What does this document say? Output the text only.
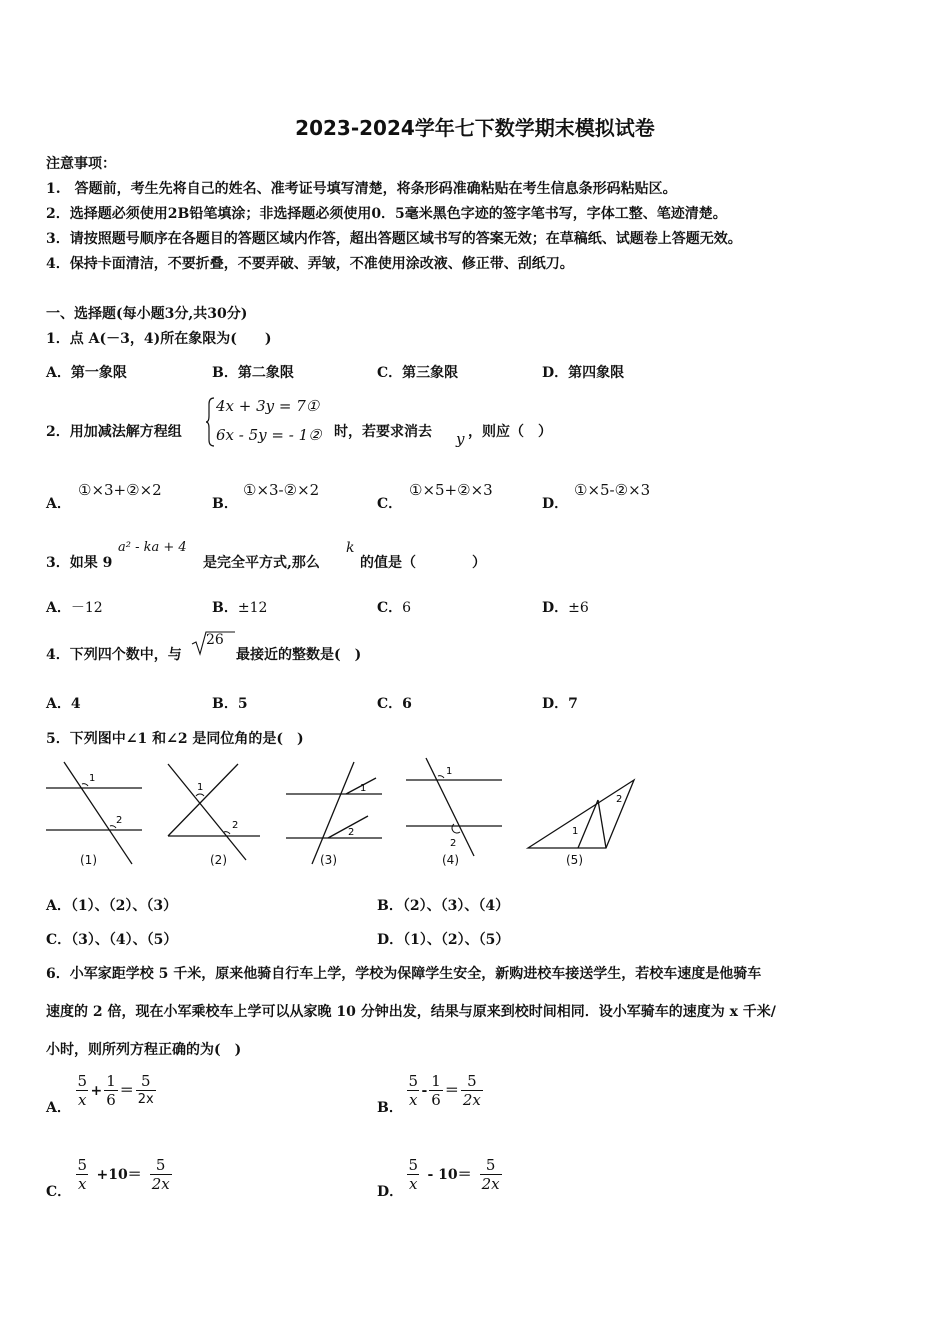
2023-2024学年七下数学期末模拟试卷
注意事项：
1.　答题前，考生先将自己的姓名、准考证号填写清楚，将条形码准确粘贴在考生信息条形码粘贴区。
2．选择题必须使用2B铅笔填涂；非选择题必须使用0．5毫米黑色字迹的签字笔书写，字体工整、笔迹清楚。
3．请按照题号顺序在各题目的答题区域内作答，超出答题区域书写的答案无效；在草稿纸、试题卷上答题无效。
4．保持卡面清洁，不要折叠，不要弄破、弄皱，不准使用涂改液、修正带、刮纸刀。
一、选择题(每小题3分,共30分)
1．点 A(－3，4)所在象限为(　　)
A．第一象限	B．第二象限	C．第三象限	D．第四象限
2．用加减法解方程组
4x + 3y = 7①
6x - 5y = - 1② 时，若要求消去 y ，则应（　）
A．
①×3+②×2
B．
①×3-②×2
C．
①×5+②×3
D．
①×5-②×3
3．如果 9
a² - ka + 4
是完全平方式,那么
k
的值是（　　　　）
A．－12	B．±12	C．6	D．±6
4．下列四个数中，与
26
最接近的整数是(　)
A．4	B．5	C．6	D．7
5．下列图中∠1 和∠2 是同位角的是(　)
1
2
(1)
1
2
(2)
1
2
(3)
1
2
(4)
1
2
(5)
A．（1）、（2）、（3）	B．（2）、（3）、（4）
C．（3）、（4）、（5）	D．（1）、（2）、（5）
6．小军家距学校 5 千米，原来他骑自行车上学，学校为保障学生安全，新购进校车接送学生，若校车速度是他骑车
速度的 2 倍，现在小军乘校车上学可以从家晚 10 分钟出发，结果与原来到校时间相同．设小军骑车的速度为 x 千米/
小时，则所列方程正确的为(　)
A． $\frac{5}{x} + \frac{1}{6} = \frac{5}{2x}$	B． $\frac{5}{x} - \frac{1}{6} = \frac{5}{2x}$
C． $\frac{5}{x} +10= \frac{5}{2x}$	D． $\frac{5}{x} - 10= \frac{5}{2x}$
